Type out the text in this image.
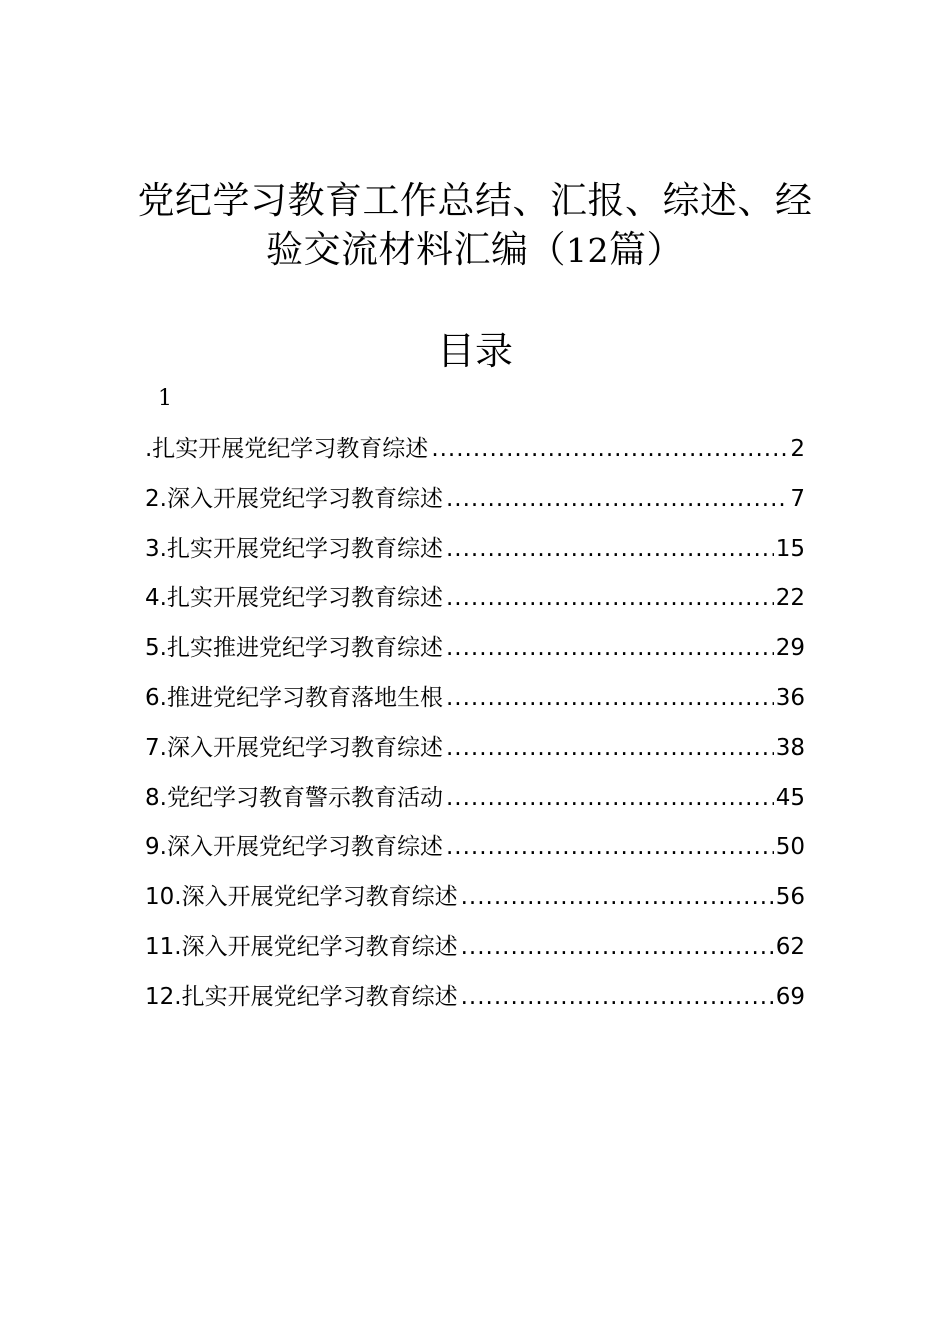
党纪学习教育工作总结、汇报、综述、经
验交流材料汇编（12篇）
目录
1
.扎实开展党纪学习教育综述 .....	2
2.深入开展党纪学习教育综述 .....	7
3.扎实开展党纪学习教育综述 .....	15
4.扎实开展党纪学习教育综述 .....	22
5.扎实推进党纪学习教育综述 .....	29
6.推进党纪学习教育落地生根 .....	36
7.深入开展党纪学习教育综述 .....	38
8.党纪学习教育警示教育活动 .....	45
9.深入开展党纪学习教育综述 .....	50
10.深入开展党纪学习教育综述 .....	56
11.深入开展党纪学习教育综述 .....	62
12.扎实开展党纪学习教育综述 .....	69
